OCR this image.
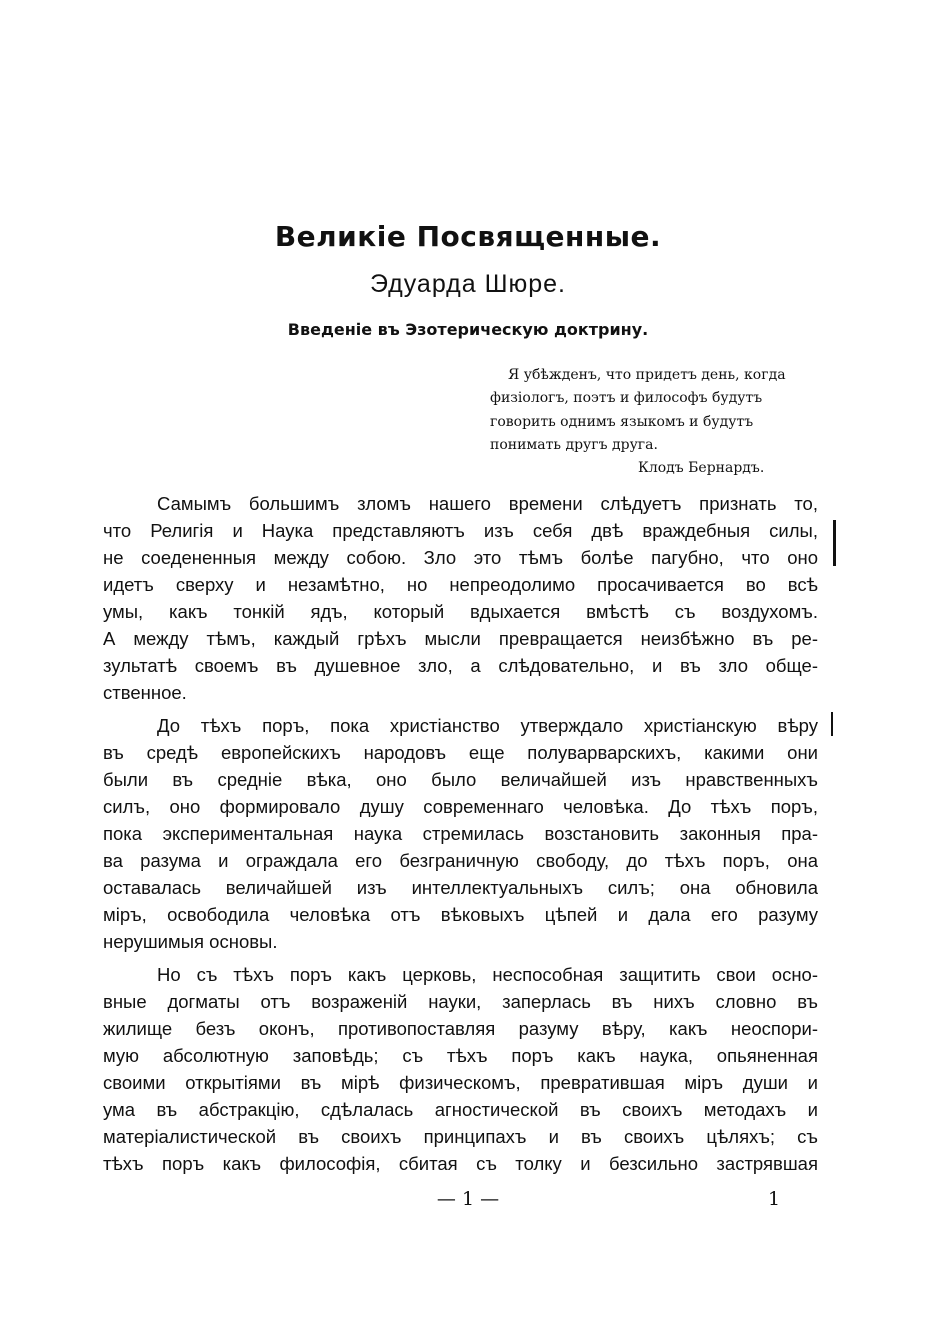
Великіе Посвященные.
Эдуарда Шюре.
Введеніе въ Эзотерическую доктрину.
Я убѣжденъ, что придетъ день, когда
физіологъ, поэтъ и философъ будутъ
говорить однимъ языкомъ и будутъ
понимать другъ друга.
Клодъ Бернардъ.
Самымъ большимъ зломъ нашего времени слѣдуетъ признать то,
что Религія и Наука представляютъ изъ себя двѣ враждебныя силы,
не соедененныя между собою. Зло это тѣмъ болѣе пагубно, что оно
идетъ сверху и незамѣтно, но непреодолимо просачивается во всѣ
умы, какъ тонкій ядъ, который вдыхается вмѣстѣ съ воздухомъ.
А между тѣмъ, каждый грѣхъ мысли превращается неизбѣжно въ ре-
зультатѣ своемъ въ душевное зло, а слѣдовательно, и въ зло обще-
ственное.
До тѣхъ поръ, пока христіанство утверждало христіанскую вѣру
въ средѣ европейскихъ народовъ еще полуварварскихъ, какими они
были въ средніе вѣка, оно было величайшей изъ нравственныхъ
силъ, оно формировало душу современнаго человѣка. До тѣхъ поръ,
пока экспериментальная наука стремилась возстановить законныя пра-
ва разума и ограждала его безграничную свободу, до тѣхъ поръ, она
оставалась величайшей изъ интеллектуальныхъ силъ; она обновила
міръ, освободила человѣка отъ вѣковыхъ цѣпей и дала его разуму
нерушимыя основы.
Но съ тѣхъ поръ какъ церковь, неспособная защитить свои осно-
вные догматы отъ возраженій науки, заперлась въ нихъ словно въ
жилище безъ оконъ, противопоставляя разуму вѣру, какъ неоспори-
мую абсолютную заповѣдь; съ тѣхъ поръ какъ наука, опьяненная
своими открытіями въ мірѣ физическомъ, превратившая міръ души и
ума въ абстракцію, сдѣлалась агностической въ своихъ методахъ и
матеріалистической въ своихъ принципахъ и въ своихъ цѣляхъ; съ
тѣхъ поръ какъ философія, сбитая съ толку и безсильно застрявшая
— 1 —	1
